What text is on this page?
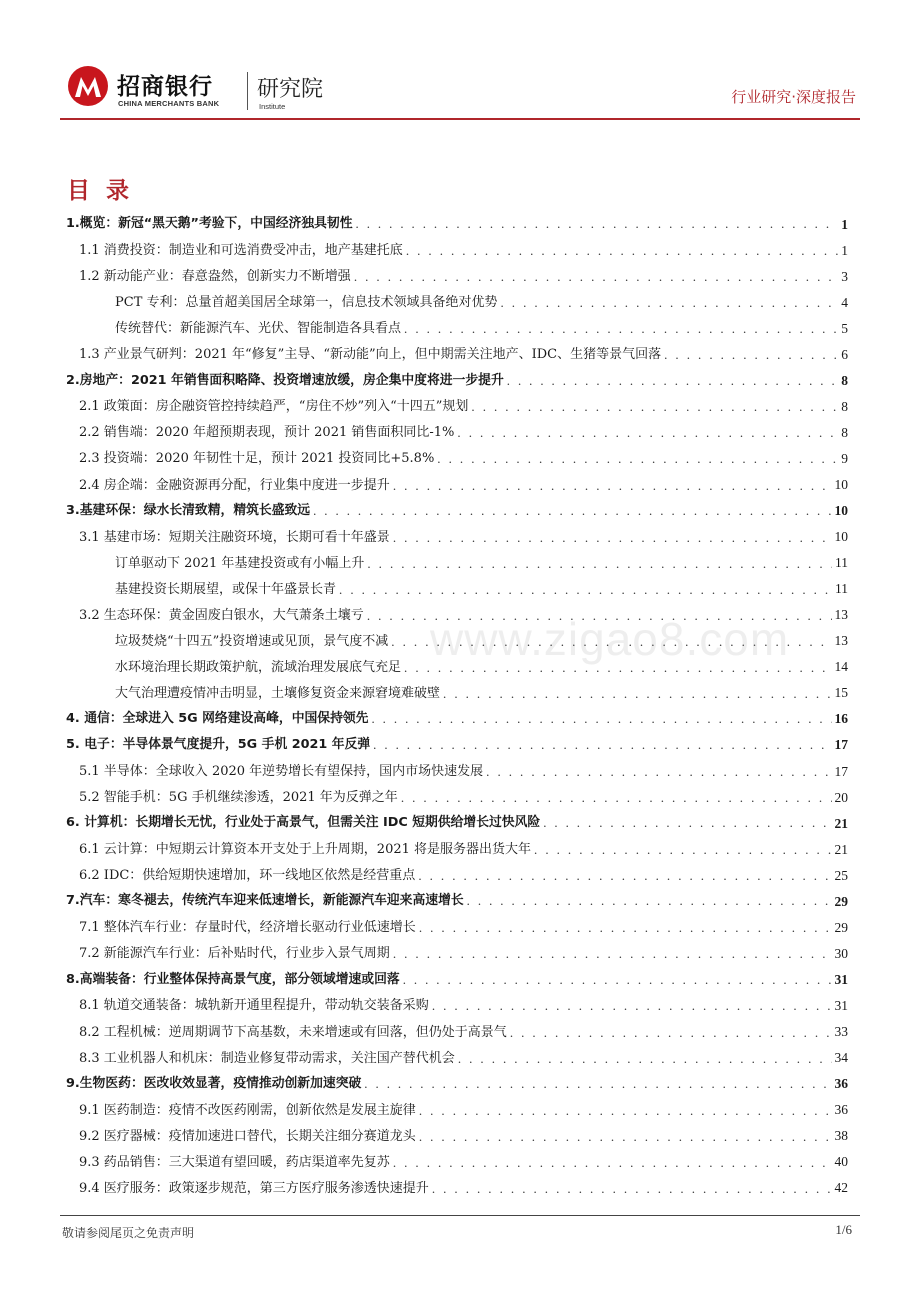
招商银行
CHINA MERCHANTS BANK
研究院
Institute
行业研究·深度报告
目 录
1.概览：新冠“黑天鹅”考验下，中国经济独具韧性 . . .	1
1.1 消费投资：制造业和可选消费受冲击，地产基建托底 . . .	1
1.2 新动能产业：春意盎然，创新实力不断增强 . . .	3
PCT 专利：总量首超美国居全球第一，信息技术领域具备绝对优势 . . .	4
传统替代：新能源汽车、光伏、智能制造各具看点 . . .	5
1.3 产业景气研判：2021 年“修复”主导、“新动能”向上，但中期需关注地产、IDC、生猪等景气回落 . . .	6
2.房地产：2021 年销售面积略降、投资增速放缓，房企集中度将进一步提升 . . .	8
2.1 政策面：房企融资管控持续趋严，“房住不炒”列入“十四五”规划 . . .	8
2.2 销售端：2020 年超预期表现，预计 2021 销售面积同比-1% . . .	8
2.3 投资端：2020 年韧性十足，预计 2021 投资同比+5.8% . . .	9
2.4 房企端：金融资源再分配，行业集中度进一步提升 . . .	10
3.基建环保：绿水长清致精，精筑长盛致远 . . .	10
3.1 基建市场：短期关注融资环境，长期可看十年盛景 . . .	10
订单驱动下 2021 年基建投资或有小幅上升 . . .	11
基建投资长期展望，或保十年盛景长青 . . .	11
3.2 生态环保：黄金固废白银水，大气萧条土壤亏 . . .	13
垃圾焚烧“十四五”投资增速或见顶，景气度不减 . . .	13
水环境治理长期政策护航，流域治理发展底气充足 . . .	14
大气治理遭疫情冲击明显，土壤修复资金来源窘境难破壁 . . .	15
4. 通信：全球进入 5G 网络建设高峰，中国保持领先 . . .	16
5. 电子：半导体景气度提升，5G 手机 2021 年反弹 . . .	17
5.1 半导体：全球收入 2020 年逆势增长有望保持，国内市场快速发展 . . .	17
5.2 智能手机：5G 手机继续渗透，2021 年为反弹之年 . . .	20
6. 计算机：长期增长无忧，行业处于高景气，但需关注 IDC 短期供给增长过快风险 . . .	21
6.1 云计算：中短期云计算资本开支处于上升周期，2021 将是服务器出货大年 . . .	21
6.2 IDC：供给短期快速增加，环一线地区依然是经营重点 . . .	25
7.汽车：寒冬褪去，传统汽车迎来低速增长，新能源汽车迎来高速增长 . . .	29
7.1 整体汽车行业：存量时代，经济增长驱动行业低速增长 . . .	29
7.2 新能源汽车行业：后补贴时代，行业步入景气周期 . . .	30
8.高端装备：行业整体保持高景气度，部分领域增速或回落 . . .	31
8.1 轨道交通装备：城轨新开通里程提升，带动轨交装备采购 . . .	31
8.2 工程机械：逆周期调节下高基数，未来增速或有回落，但仍处于高景气 . . .	33
8.3 工业机器人和机床：制造业修复带动需求，关注国产替代机会 . . .	34
9.生物医药：医改收效显著，疫情推动创新加速突破 . . .	36
9.1 医药制造：疫情不改医药刚需，创新依然是发展主旋律 . . .	36
9.2 医疗器械：疫情加速进口替代，长期关注细分赛道龙头 . . .	38
9.3 药品销售：三大渠道有望回暖，药店渠道率先复苏 . . .	40
9.4 医疗服务：政策逐步规范，第三方医疗服务渗透快速提升 . . .	42
www.zigao8.com
敬请参阅尾页之免责声明	1/6
